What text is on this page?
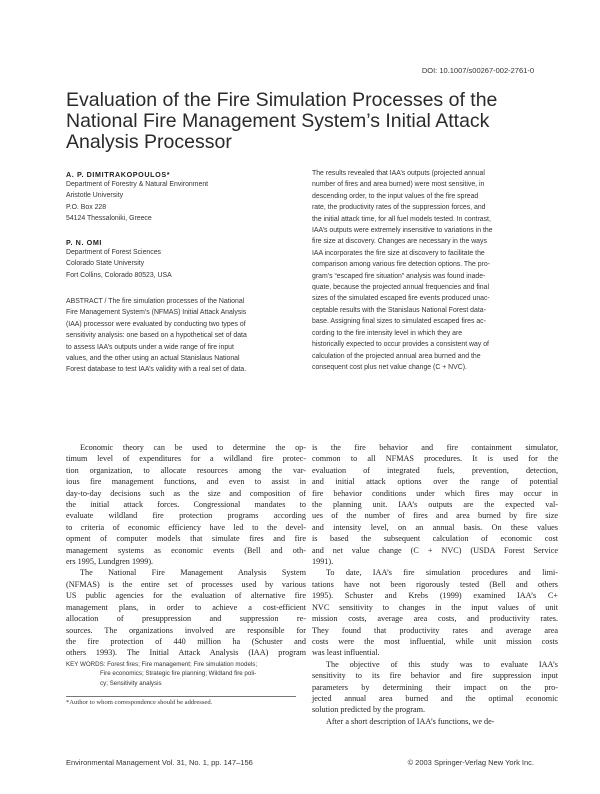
DOI: 10.1007/s00267-002-2761-0
Evaluation of the Fire Simulation Processes of the
National Fire Management System’s Initial Attack
Analysis Processor
A. P. DIMITRAKOPOULOS*
Department of Forestry & Natural Environment
Aristotle University
P.O. Box 228
54124 Thessaloniki, Greece
P. N. OMI
Department of Forest Sciences
Colorado State University
Fort Collins, Colorado 80523, USA
ABSTRACT / The fire simulation processes of the National
Fire Management System’s (NFMAS) Initial Attack Analysis
(IAA) processor were evaluated by conducting two types of
sensitivity analysis: one based on a hypothetical set of data
to assess IAA’s outputs under a wide range of fire input
values, and the other using an actual Stanislaus National
Forest database to test IAA’s validity with a real set of data.
The results revealed that IAA’s outputs (projected annual
number of fires and area burned) were most sensitive, in
descending order, to the input values of the fire spread
rate, the productivity rates of the suppression forces, and
the initial attack time, for all fuel models tested. In contrast,
IAA’s outputs were extremely insensitive to variations in the
fire size at discovery. Changes are necessary in the ways
IAA incorporates the fire size at discovery to facilitate the
comparison among various fire detection options. The pro-
gram’s “escaped fire situation” analysis was found inade-
quate, because the projected annual frequencies and final
sizes of the simulated escaped fire events produced unac-
ceptable results with the Stanislaus National Forest data-
base. Assigning final sizes to simulated escaped fires ac-
cording to the fire intensity level in which they are
historically expected to occur provides a consistent way of
calculation of the projected annual area burned and the
consequent cost plus net value change (C + NVC).
Economic theory can be used to determine the op-
timum level of expenditures for a wildland fire protec-
tion organization, to allocate resources among the var-
ious fire management functions, and even to assist in
day-to-day decisions such as the size and composition of
the initial attack forces. Congressional mandates to
evaluate wildland fire protection programs according
to criteria of economic efficiency have led to the devel-
opment of computer models that simulate fires and fire
management systems as economic events (Bell and oth-
ers 1995, Lundgren 1999).
The National Fire Management Analysis System
(NFMAS) is the entire set of processes used by various
US public agencies for the evaluation of alternative fire
management plans, in order to achieve a cost-efficient
allocation of presuppression and suppression re-
sources. The organizations involved are responsible for
the fire protection of 440 million ha (Schuster and
others 1993). The Initial Attack Analysis (IAA) program
KEY WORDS: Forest fires; Fire management; Fire simulation models;
Fire economics; Strategic fire planning; Wildland fire poli-
cy; Sensitivity analysis
*Author to whom correspondence should be addressed.
is the fire behavior and fire containment simulator,
common to all NFMAS procedures. It is used for the
evaluation of integrated fuels, prevention, detection,
and initial attack options over the range of potential
fire behavior conditions under which fires may occur in
the planning unit. IAA’s outputs are the expected val-
ues of the number of fires and area burned by fire size
and intensity level, on an annual basis. On these values
is based the subsequent calculation of economic cost
and net value change (C + NVC) (USDA Forest Service
1991).
To date, IAA’s fire simulation procedures and limi-
tations have not been rigorously tested (Bell and others
1995). Schuster and Krebs (1999) examined IAA’s C+
NVC sensitivity to changes in the input values of unit
mission costs, average area costs, and productivity rates.
They found that productivity rates and average area
costs were the most influential, while unit mission costs
was least influential.
The objective of this study was to evaluate IAA’s
sensitivity to its fire behavior and fire suppression input
parameters by determining their impact on the pro-
jected annual area burned and the optimal economic
solution predicted by the program.
After a short description of IAA’s functions, we de-
Environmental Management Vol. 31, No. 1, pp. 147–156	© 2003 Springer-Verlag New York Inc.
